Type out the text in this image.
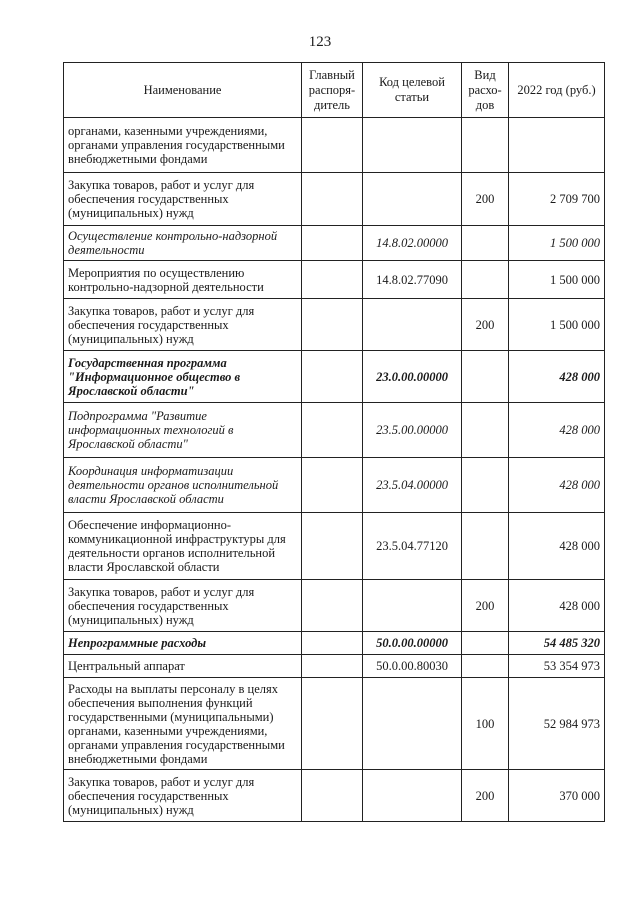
123
Наименование	Главный распоря-дитель	Код целевой статьи	Вид расхо-дов	2022 год (руб.)
органами, казенными учреждениями, органами управления государственными внебюджетными фондами				
Закупка товаров, работ и услуг для обеспечения государственных (муниципальных) нужд			200	2 709 700
Осуществление контрольно-надзорной деятельности		14.8.02.00000		1 500 000
Мероприятия по осуществлению контрольно-надзорной деятельности		14.8.02.77090		1 500 000
Закупка товаров, работ и услуг для обеспечения государственных (муниципальных) нужд			200	1 500 000
Государственная программа "Информационное общество в Ярославской области"		23.0.00.00000		428 000
Подпрограмма "Развитие информационных технологий в Ярославской области"		23.5.00.00000		428 000
Координация информатизации деятельности органов исполнительной власти Ярославской области		23.5.04.00000		428 000
Обеспечение информационно-коммуникационной инфраструктуры для деятельности органов исполнительной власти Ярославской области		23.5.04.77120		428 000
Закупка товаров, работ и услуг для обеспечения государственных (муниципальных) нужд			200	428 000
Непрограммные расходы		50.0.00.00000		54 485 320
Центральный аппарат		50.0.00.80030		53 354 973
Расходы на выплаты персоналу в целях обеспечения выполнения функций государственными (муниципальными) органами, казенными учреждениями, органами управления государственными внебюджетными фондами			100	52 984 973
Закупка товаров, работ и услуг для обеспечения государственных (муниципальных) нужд			200	370 000
